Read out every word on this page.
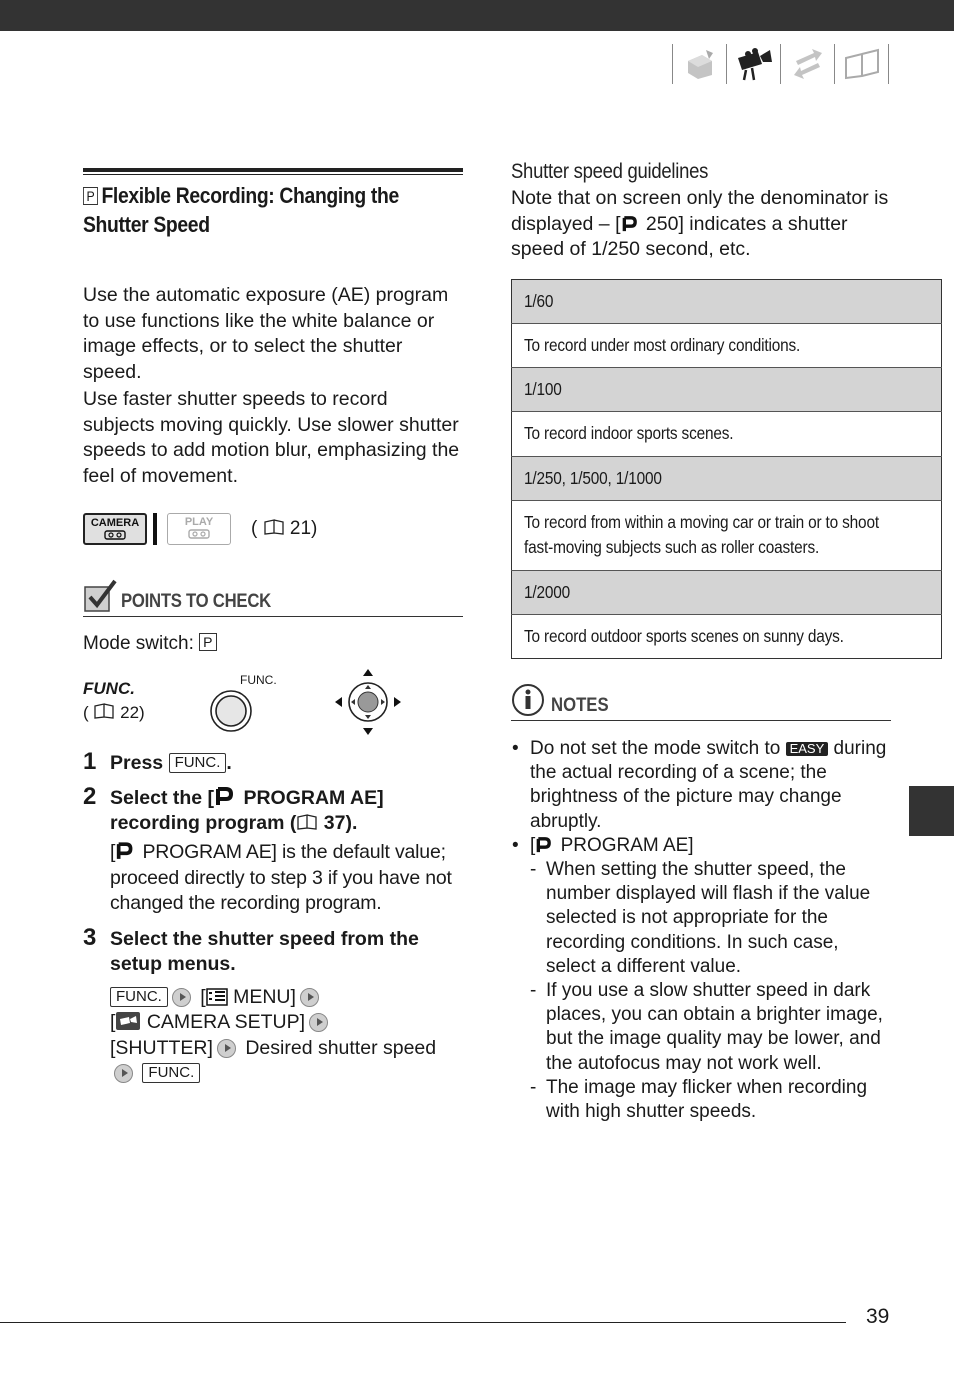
P Flexible Recording: Changing the Shutter Speed
Use the automatic exposure (AE) program to use functions like the white balance or image effects, or to select the shutter speed.
Use faster shutter speeds to record subjects moving quickly. Use slower shutter speeds to add motion blur, emphasizing the feel of movement.
CAMERA	PLAY ( 21)
POINTS TO CHECK
Mode switch: P
FUNC.
( 22)
FUNC.
1 Press FUNC. .
2 Select the [ PROGRAM AE] recording program ( 37).
[ PROGRAM AE] is the default value; proceed directly to step 3 if you have not changed the recording program.
3 Select the shutter speed from the setup menus.
FUNC. [ MENU]
[ CAMERA SETUP]
[SHUTTER] Desired shutter speed FUNC.
Shutter speed guidelines
Note that on screen only the denominator is displayed – [ 250] indicates a shutter speed of 1/250 second, etc.
1/60
To record under most ordinary conditions.
1/100
To record indoor sports scenes.
1/250, 1/500, 1/1000
To record from within a moving car or train or to shoot fast-moving subjects such as roller coasters.
1/2000
To record outdoor sports scenes on sunny days.
NOTES
• Do not set the mode switch to EASY during the actual recording of a scene; the brightness of the picture may change abruptly.
• [ PROGRAM AE]
- When setting the shutter speed, the number displayed will flash if the value selected is not appropriate for the recording conditions. In such case, select a different value.
- If you use a slow shutter speed in dark places, you can obtain a brighter image, but the image quality may be lower, and the autofocus may not work well.
- The image may flicker when recording with high shutter speeds.
39
